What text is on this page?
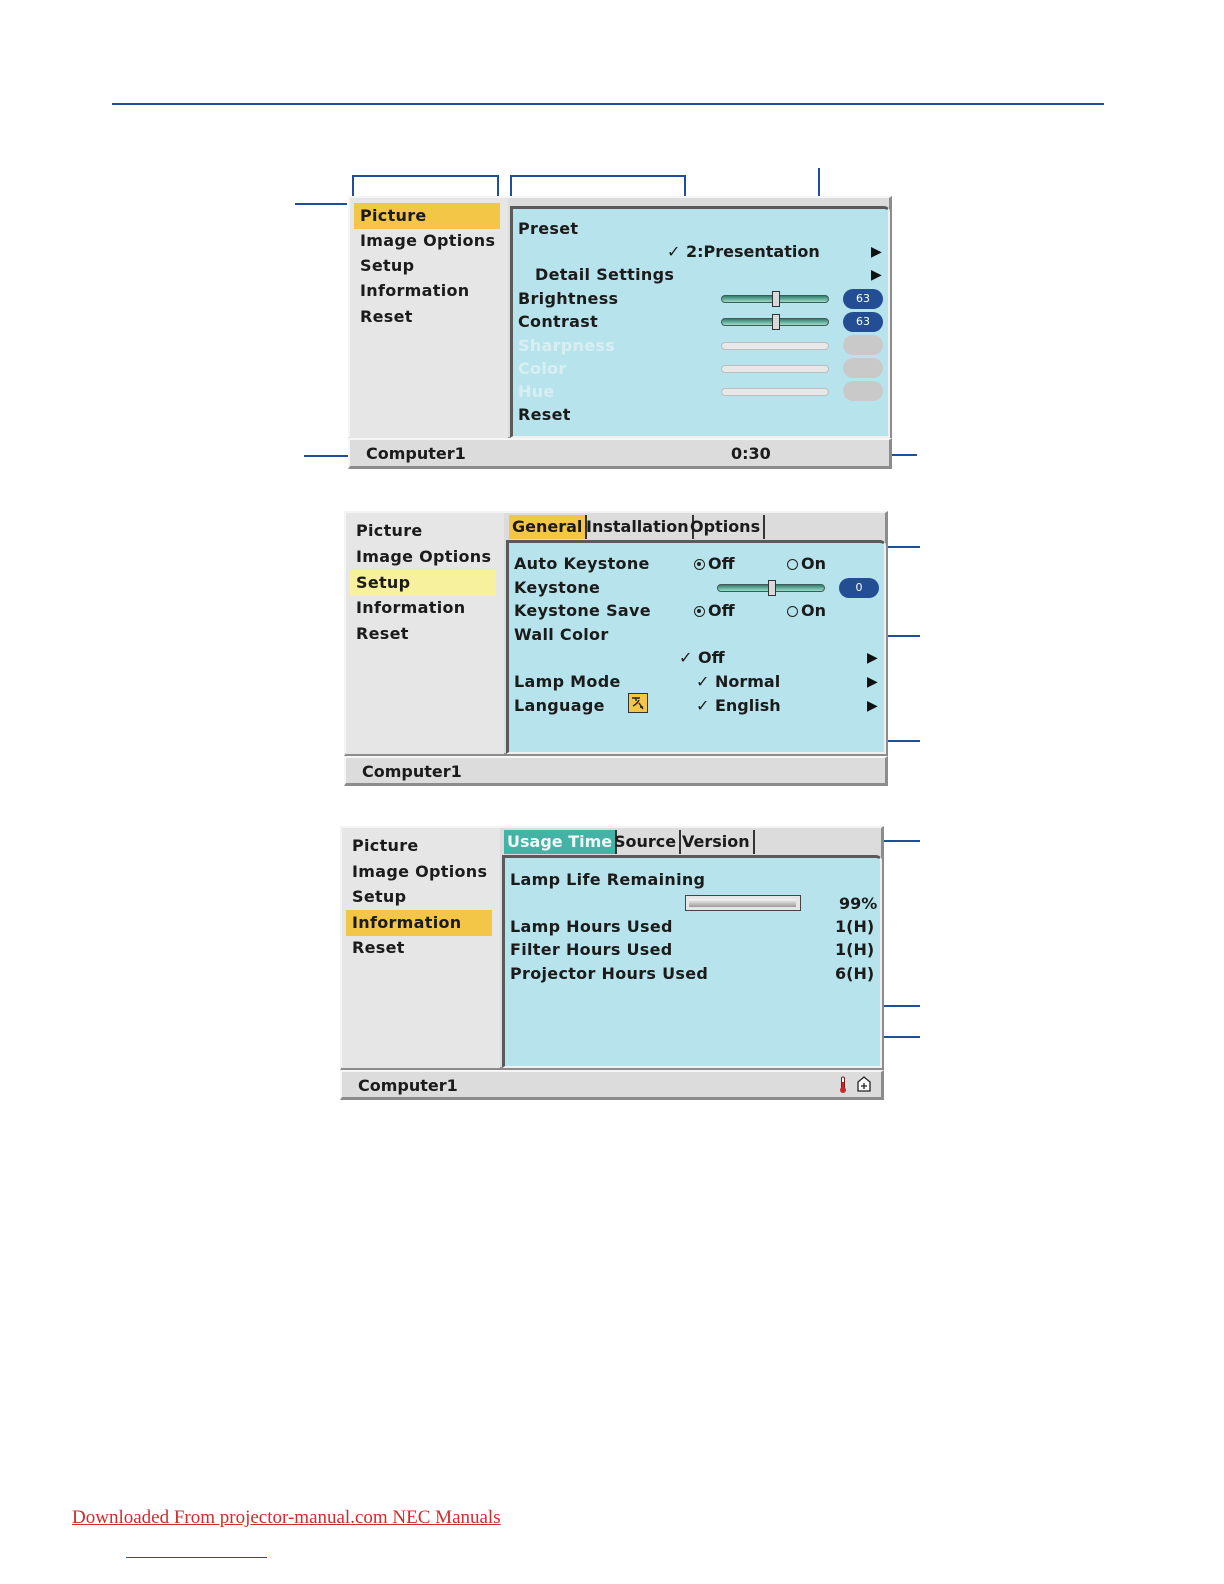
Picture
Image Options
Setup
Information
Reset
Preset
✓ 2:Presentation	▶
Detail Settings	▶
Brightness	63
Contrast	63
Sharpness
Color
Hue
Reset
Computer1	0:30
Picture
Image Options
Setup
Information
Reset
General Installation Options
Auto Keystone	Off	On
Keystone	0
Keystone Save	Off	On
Wall Color
✓ Off	▶
Lamp Mode	✓ Normal	▶
Language	✓ English	▶
Computer1
Picture
Image Options
Setup
Information
Reset
Usage Time Source Version
Lamp Life Remaining
99%
Lamp Hours Used	1(H)
Filter Hours Used	1(H)
Projector Hours Used	6(H)
Computer1
Downloaded From projector-manual.com NEC Manuals
